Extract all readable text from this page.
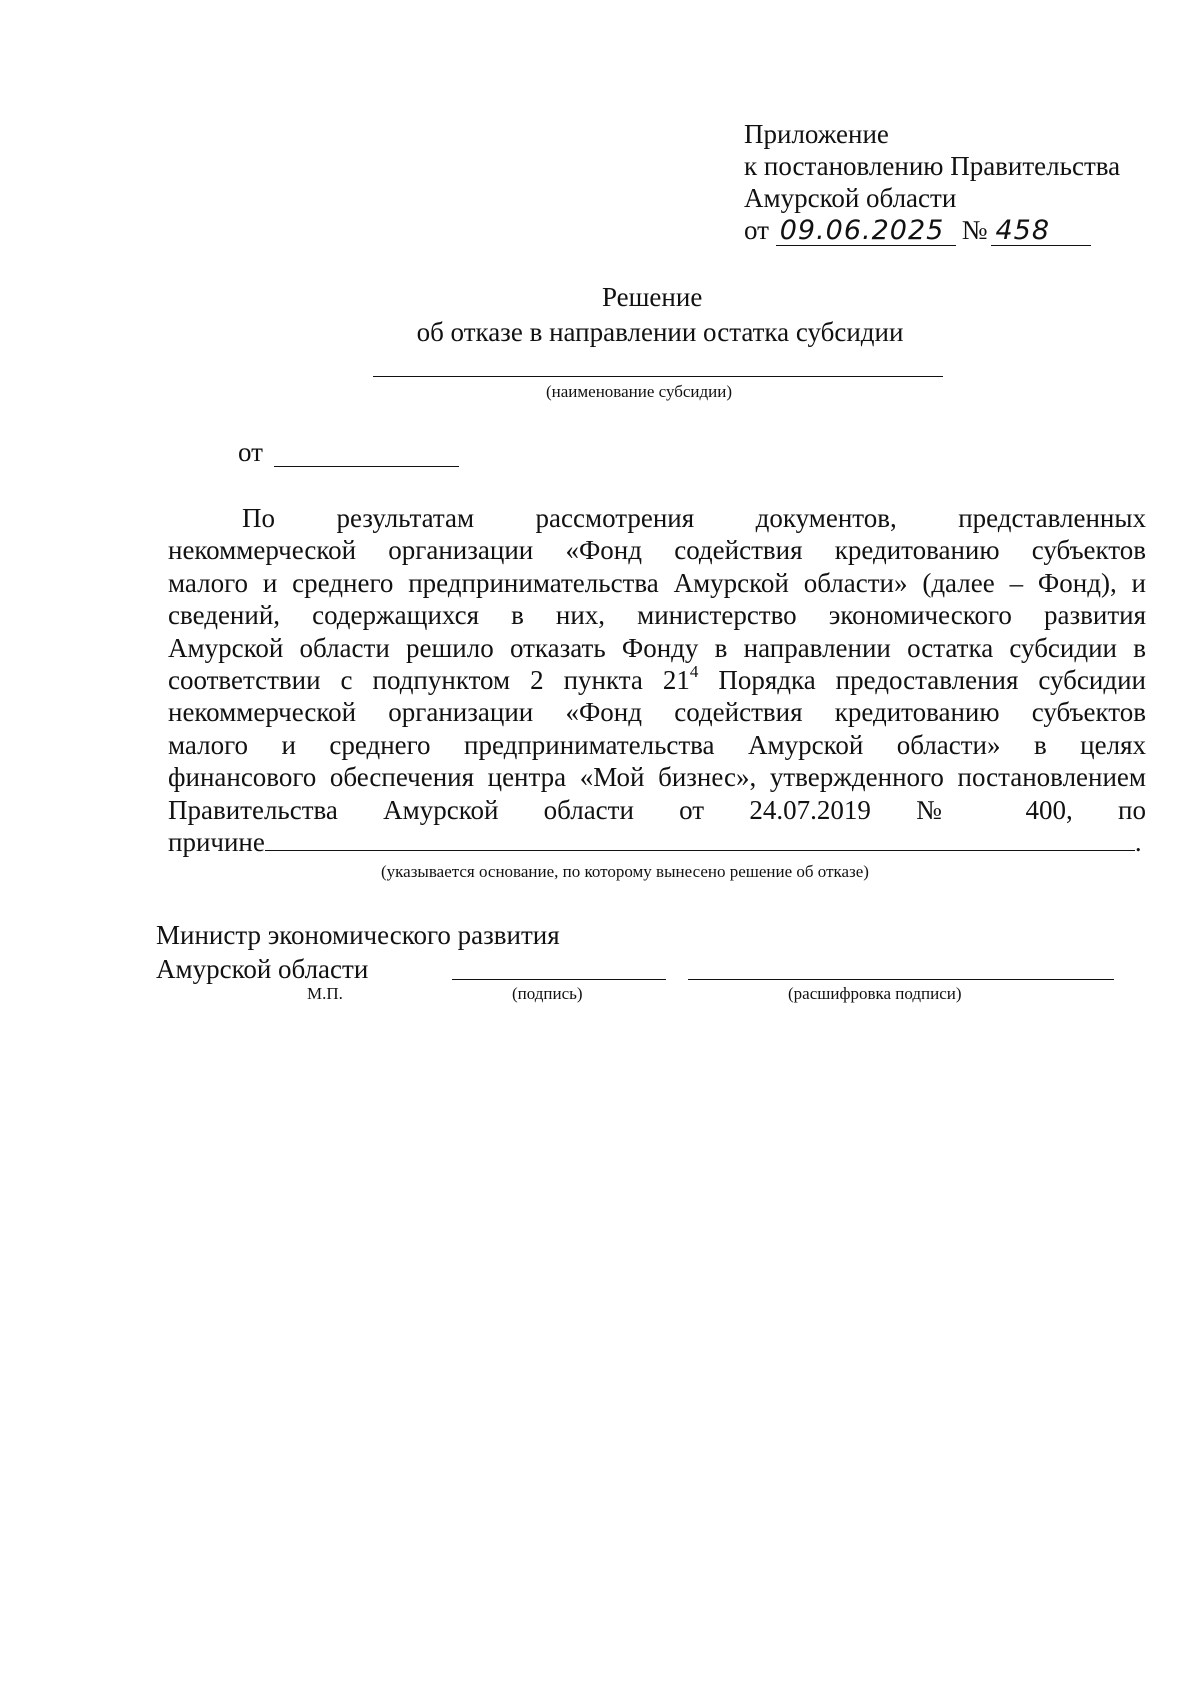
Приложение
к постановлению Правительства
Амурской области
от 09.06.2025 № 458
Решение
об отказе в направлении остатка субсидии
(наименование субсидии)
от
По результатам рассмотрения документов, представленных
некоммерческой организации «Фонд содействия кредитованию субъектов
малого и среднего предпринимательства Амурской области» (далее – Фонд), и
сведений, содержащихся в них, министерство экономического развития
Амурской области решило отказать Фонду в направлении остатка субсидии в
соответствии с подпунктом 2 пункта $21^4$ Порядка предоставления субсидии
некоммерческой организации «Фонд содействия кредитованию субъектов
малого и среднего предпринимательства Амурской области» в целях
финансового обеспечения центра «Мой бизнес», утвержденного постановлением
Правительства Амурской области от 24.07.2019 № 400, по
причине	.
(указывается основание, по которому вынесено решение об отказе)
Министр экономического развития
Амурской области
М.П.	(подпись)	(расшифровка подписи)
